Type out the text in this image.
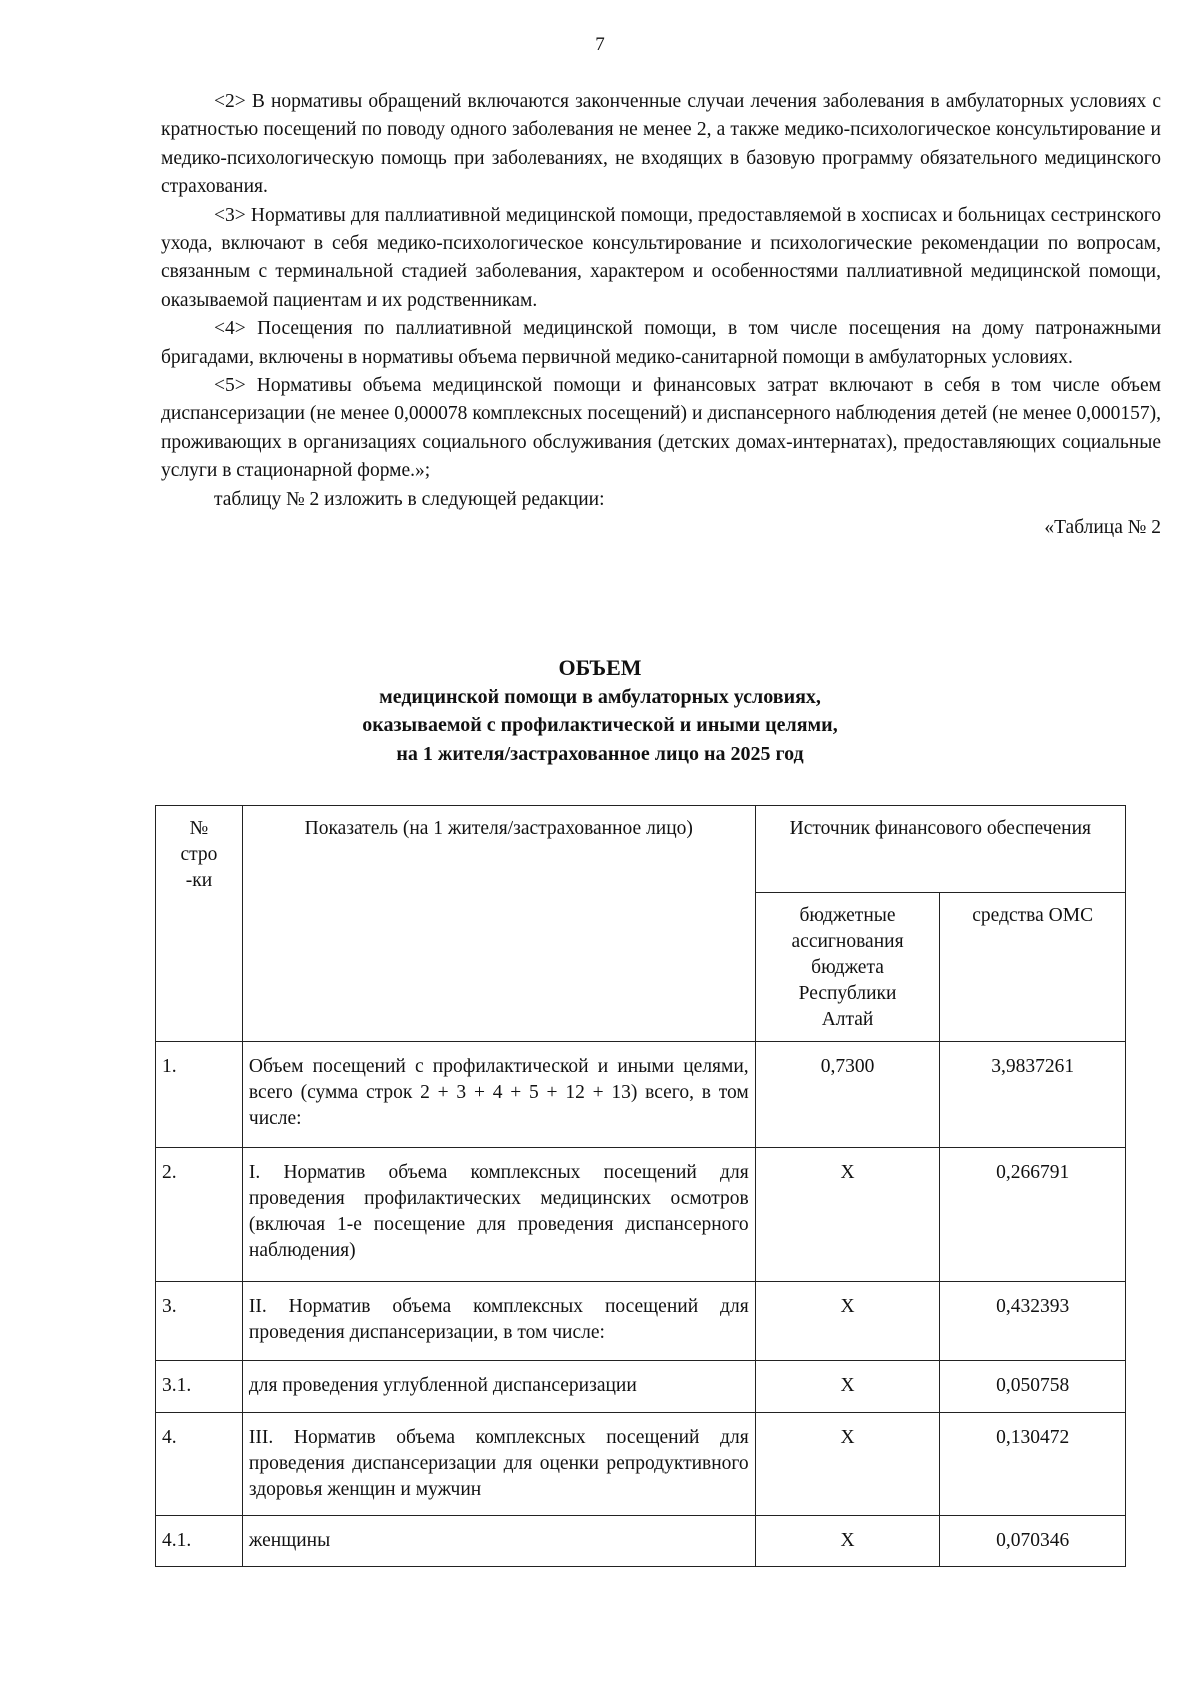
7

<2> В нормативы обращений включаются законченные случаи лечения заболевания в амбулаторных условиях с кратностью посещений по поводу одного заболевания не менее 2, а также медико-психологическое консультирование и медико-психологическую помощь при заболеваниях, не входящих в базовую программу обязательного медицинского страхования.

<3> Нормативы для паллиативной медицинской помощи, предоставляемой в хосписах и больницах сестринского ухода, включают в себя медико-психологическое консультирование и психологические рекомендации по вопросам, связанным с терминальной стадией заболевания, характером и особенностями паллиативной медицинской помощи, оказываемой пациентам и их родственникам.

<4> Посещения по паллиативной медицинской помощи, в том числе посещения на дому патронажными бригадами, включены в нормативы объема первичной медико-санитарной помощи в амбулаторных условиях.

<5> Нормативы объема медицинской помощи и финансовых затрат включают в себя в том числе объем диспансеризации (не менее 0,000078 комплексных посещений) и диспансерного наблюдения детей (не менее 0,000157), проживающих в организациях социального обслуживания (детских домах-интернатах), предоставляющих социальные услуги в стационарной форме.»;

таблицу № 2 изложить в следующей редакции:

«Таблица № 2

ОБЪЕМ
медицинской помощи в амбулаторных условиях,
оказываемой с профилактической и иными целями,
на 1 жителя/застрахованное лицо на 2025 год
№ стро-ки	Показатель (на 1 жителя/застрахованное лицо)	Источник финансового обеспечения	

		бюджетные ассигнования бюджета Республики Алтай	средства ОМС
1.	Объем посещений с профилактической и иными целями, всего (сумма строк 2 + 3 + 4 + 5 + 12 + 13) всего, в том числе:	0,7300	3,9837261
2.	I. Норматив объема комплексных посещений для проведения профилактических медицинских осмотров (включая 1-е посещение для проведения диспансерного наблюдения)	X	0,266791
3.	II. Норматив объема комплексных посещений для проведения диспансеризации, в том числе:	X	0,432393
3.1.	для проведения углубленной диспансеризации	X	0,050758
4.	III. Норматив объема комплексных посещений для проведения диспансеризации для оценки репродуктивного здоровья женщин и мужчин	X	0,130472
4.1.	женщины	X	0,070346
